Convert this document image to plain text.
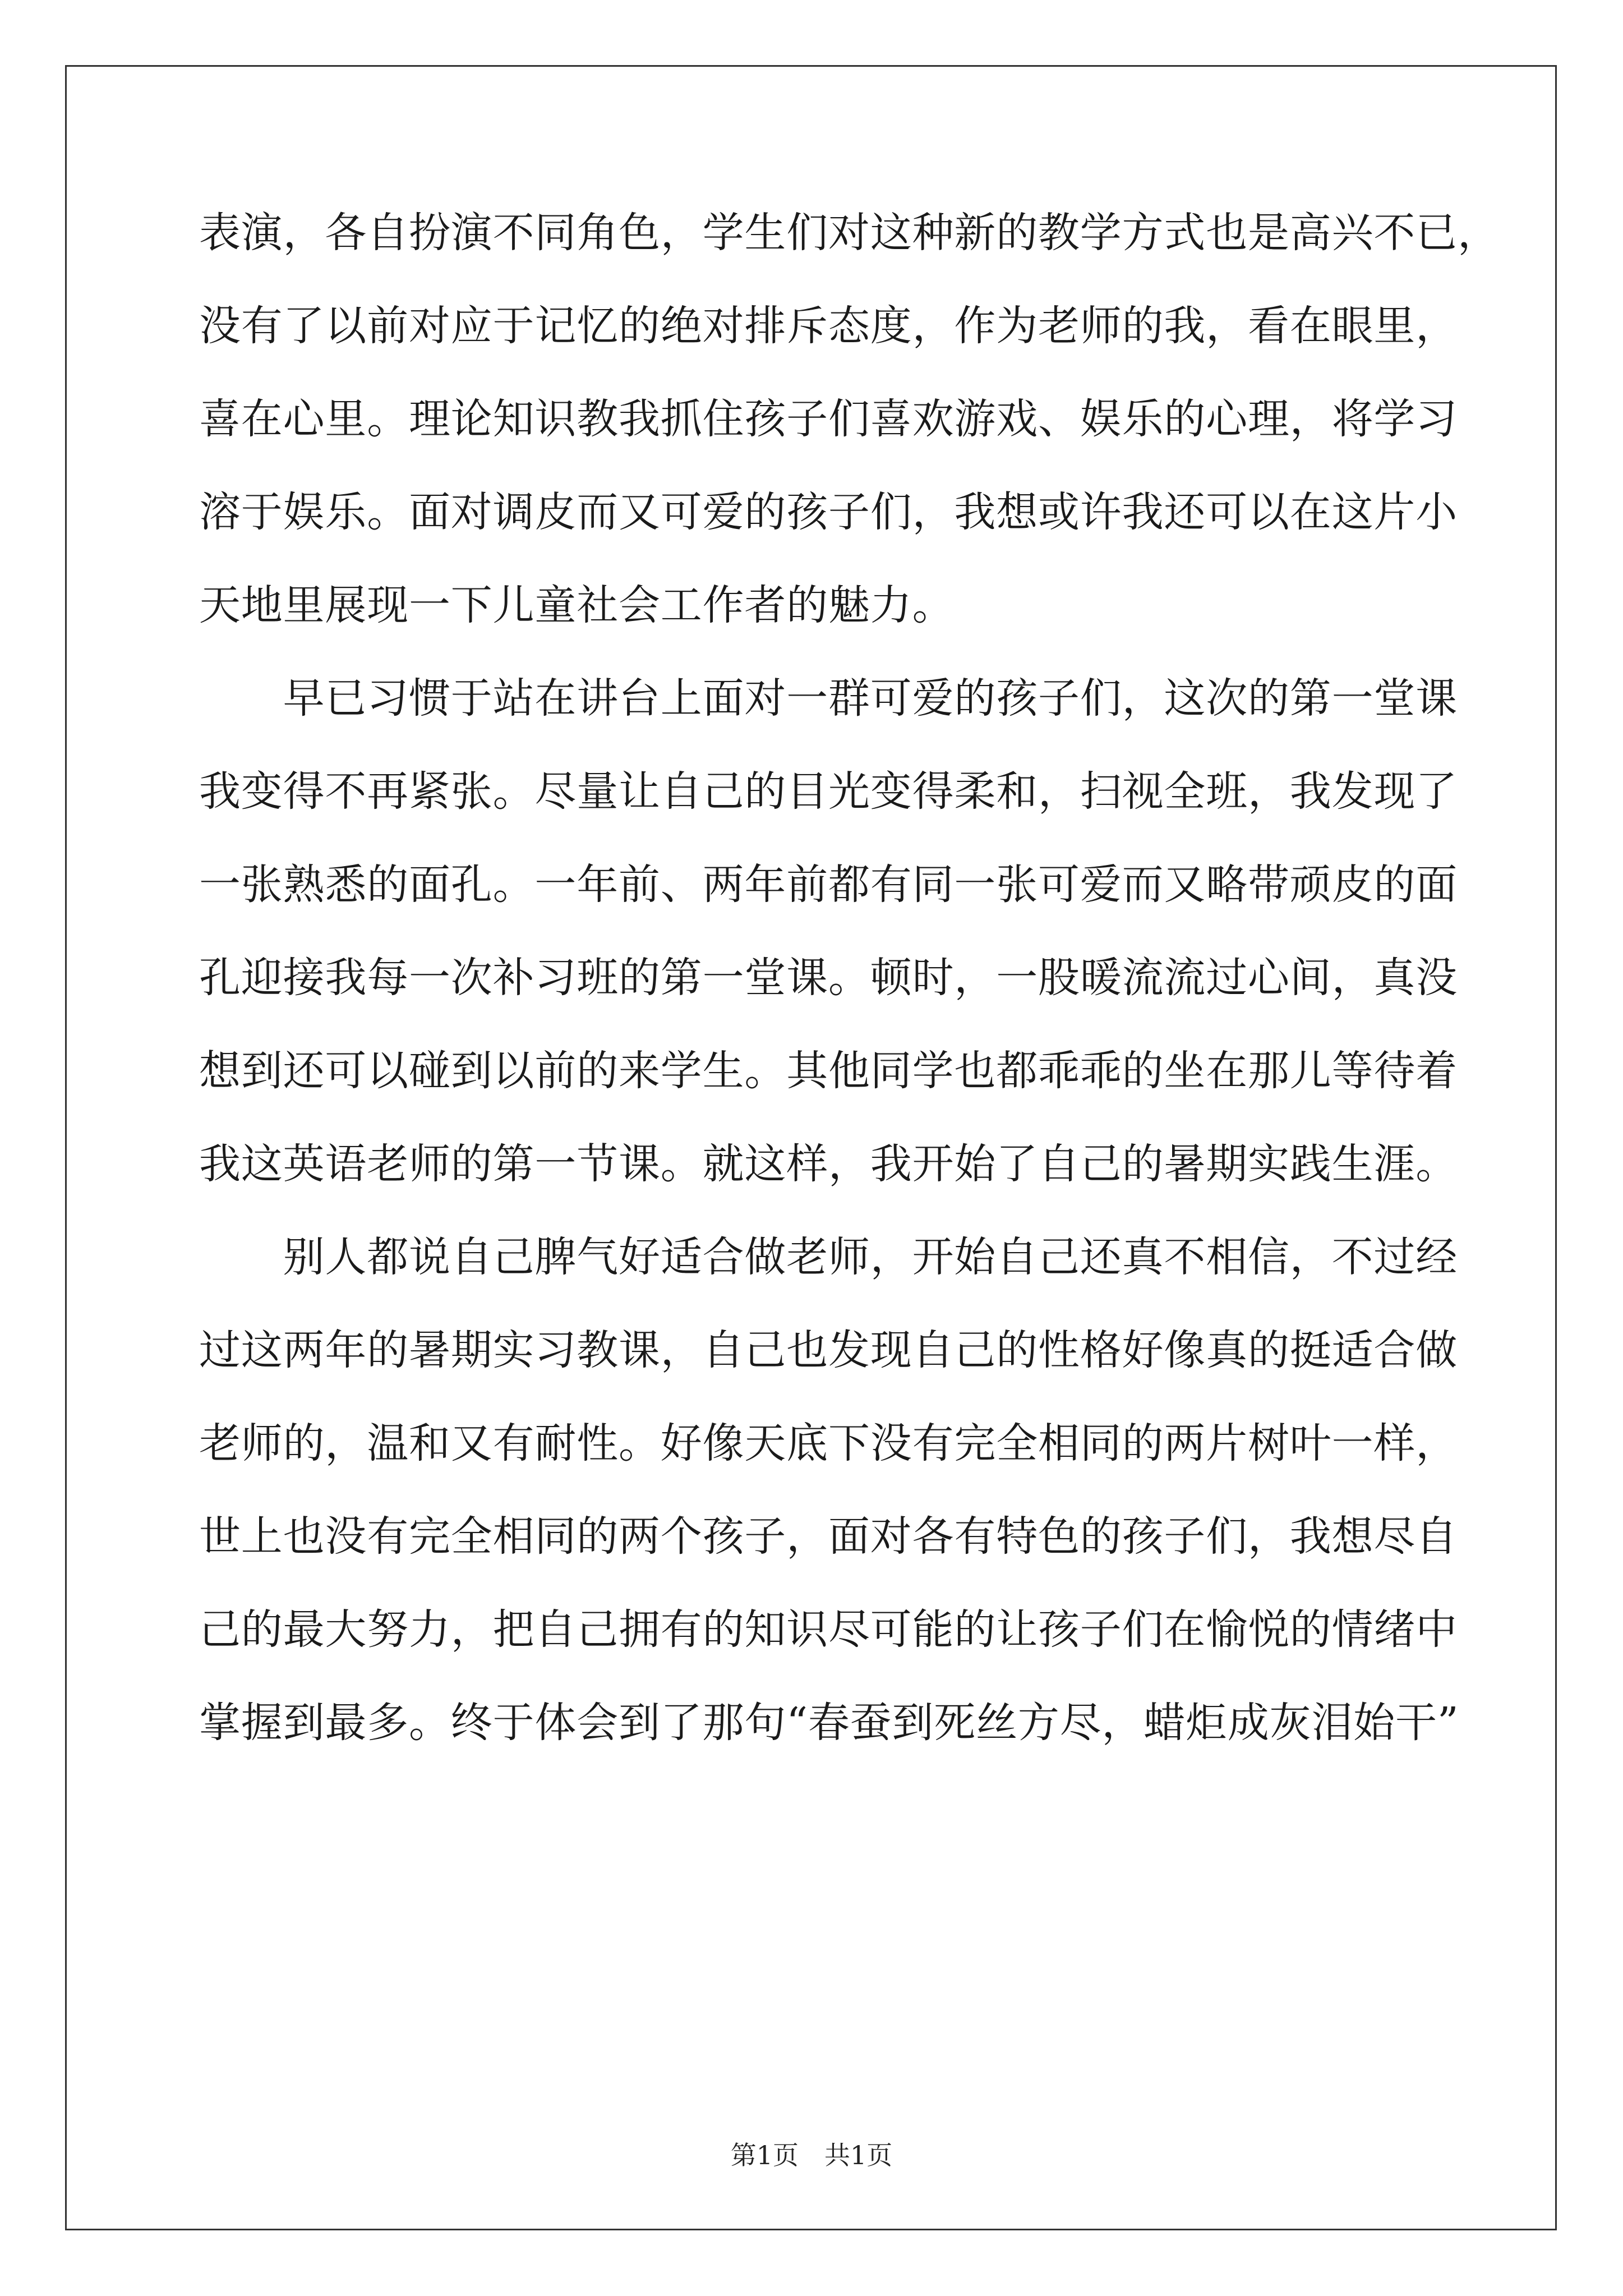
表演，各自扮演不同角色，学生们对这种新的教学方式也是高兴不已，
没有了以前对应于记忆的绝对排斥态度，作为老师的我，看在眼里，
喜在心里。理论知识教我抓住孩子们喜欢游戏、娱乐的心理，将学习
溶于娱乐。面对调皮而又可爱的孩子们，我想或许我还可以在这片小
天地里展现一下儿童社会工作者的魅力。
　　早已习惯于站在讲台上面对一群可爱的孩子们，这次的第一堂课
我变得不再紧张。尽量让自己的目光变得柔和，扫视全班，我发现了
一张熟悉的面孔。一年前、两年前都有同一张可爱而又略带顽皮的面
孔迎接我每一次补习班的第一堂课。顿时，一股暖流流过心间，真没
想到还可以碰到以前的来学生。其他同学也都乖乖的坐在那儿等待着
我这英语老师的第一节课。就这样，我开始了自己的暑期实践生涯。
　　别人都说自己脾气好适合做老师，开始自己还真不相信，不过经
过这两年的暑期实习教课，自己也发现自己的性格好像真的挺适合做
老师的，温和又有耐性。好像天底下没有完全相同的两片树叶一样，
世上也没有完全相同的两个孩子，面对各有特色的孩子们，我想尽自
己的最大努力，把自己拥有的知识尽可能的让孩子们在愉悦的情绪中
掌握到最多。终于体会到了那句“春蚕到死丝方尽，蜡炬成灰泪始干”
第1页　共1页
